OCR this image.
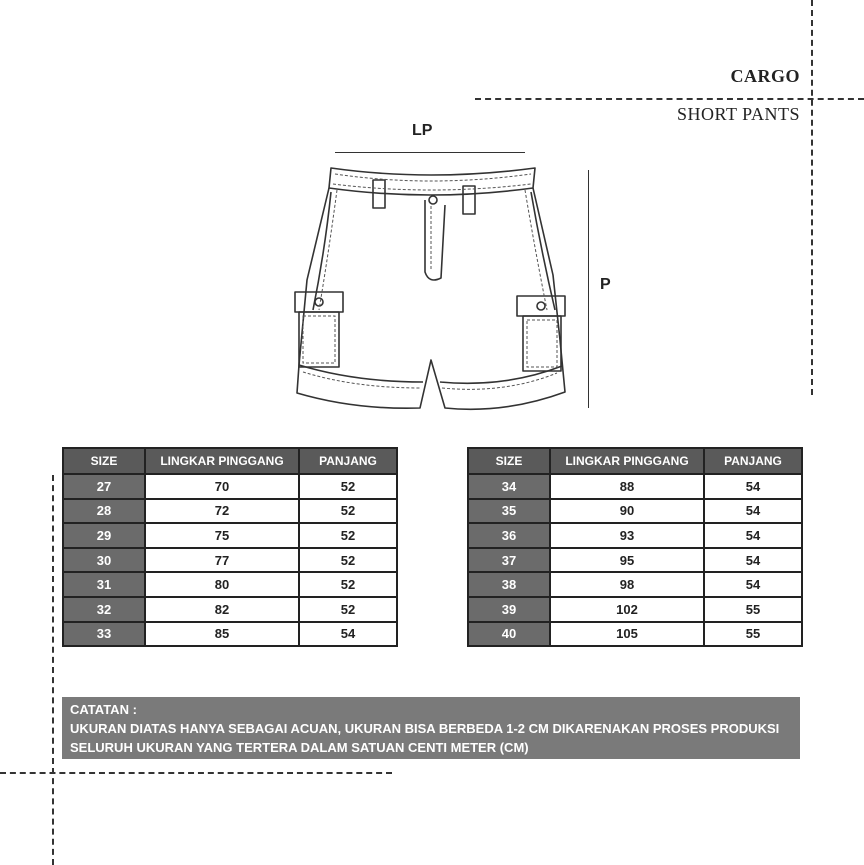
CARGO
SHORT PANTS
LP
P
SIZE	LINGKAR PINGGANG	PANJANG
27	70	52
28	72	52
29	75	52
30	77	52
31	80	52
32	82	52
33	85	54
SIZE	LINGKAR PINGGANG	PANJANG
34	88	54
35	90	54
36	93	54
37	95	54
38	98	54
39	102	55
40	105	55
CATATAN :
UKURAN DIATAS HANYA SEBAGAI ACUAN, UKURAN BISA BERBEDA 1-2 CM DIKARENAKAN PROSES PRODUKSI
SELURUH UKURAN YANG TERTERA DALAM SATUAN CENTI METER (CM)
